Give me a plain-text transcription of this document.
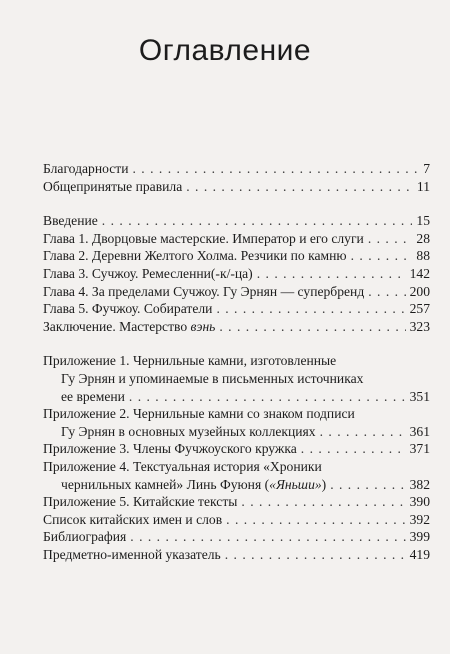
Оглавление
Благодарности . . .	7
Общепринятые правила . . .	11
Введение . . .	15
Глава 1. Дворцовые мастерские. Император и его слуги . . .	28
Глава 2. Деревни Желтого Холма. Резчики по камню . . .	88
Глава 3. Сучжоу. Ремесленни(-к/-ца) . . .	142
Глава 4. За пределами Сучжоу. Гу Эрнян — супербренд . . .	200
Глава 5. Фучжоу. Собиратели . . .	257
Заключение. Мастерство вэнь . . .	323
Приложение 1. Чернильные камни, изготовленные
Гу Эрнян и упоминаемые в письменных источниках
ее времени . . .	351
Приложение 2. Чернильные камни со знаком подписи
Гу Эрнян в основных музейных коллекциях . . .	361
Приложение 3. Члены Фучжоуского кружка . . .	371
Приложение 4. Текстуальная история «Хроники
чернильных камней» Линь Фуюня («Яньши») . . .	382
Приложение 5. Китайские тексты . . .	390
Список китайских имен и слов . . .	392
Библиография . . .	399
Предметно-именной указатель . . .	419
